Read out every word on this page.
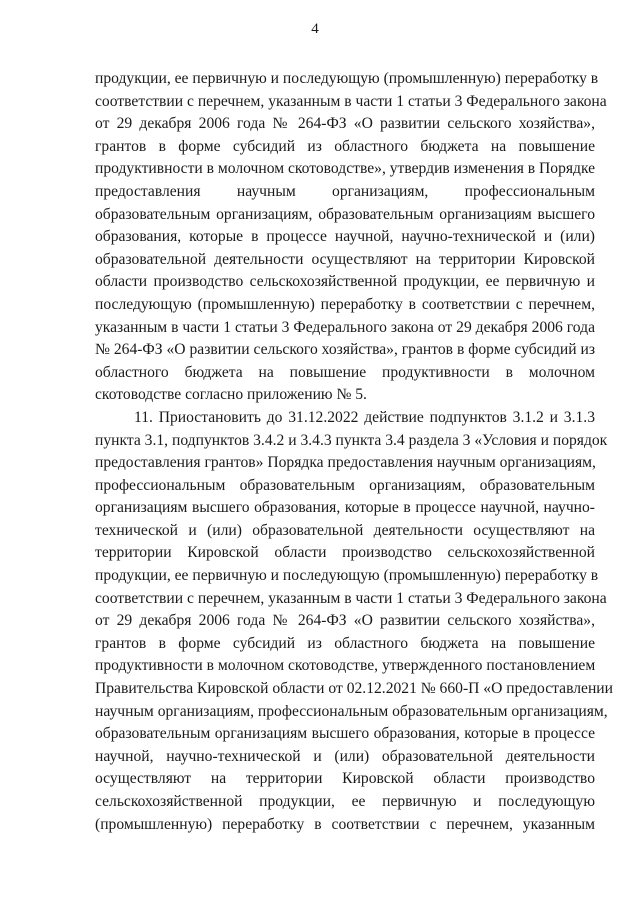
4
продукции, ее первичную и последующую (промышленную) переработку в
соответствии с перечнем, указанным в части 1 статьи 3 Федерального закона
от 29 декабря 2006 года № 264-ФЗ «О развитии сельского хозяйства»,
грантов в форме субсидий из областного бюджета на повышение
продуктивности в молочном скотоводстве», утвердив изменения в Порядке
предоставления научным организациям, профессиональным
образовательным организациям, образовательным организациям высшего
образования, которые в процессе научной, научно-технической и (или)
образовательной деятельности осуществляют на территории Кировской
области производство сельскохозяйственной продукции, ее первичную и
последующую (промышленную) переработку в соответствии с перечнем,
указанным в части 1 статьи 3 Федерального закона от 29 декабря 2006 года
№ 264-ФЗ «О развитии сельского хозяйства», грантов в форме субсидий из
областного бюджета на повышение продуктивности в молочном
скотоводстве согласно приложению № 5.
11. Приостановить до 31.12.2022 действие подпунктов 3.1.2 и 3.1.3
пункта 3.1, подпунктов 3.4.2 и 3.4.3 пункта 3.4 раздела 3 «Условия и порядок
предоставления грантов» Порядка предоставления научным организациям,
профессиональным образовательным организациям, образовательным
организациям высшего образования, которые в процессе научной, научно-
технической и (или) образовательной деятельности осуществляют на
территории Кировской области производство сельскохозяйственной
продукции, ее первичную и последующую (промышленную) переработку в
соответствии с перечнем, указанным в части 1 статьи 3 Федерального закона
от 29 декабря 2006 года № 264-ФЗ «О развитии сельского хозяйства»,
грантов в форме субсидий из областного бюджета на повышение
продуктивности в молочном скотоводстве, утвержденного постановлением
Правительства Кировской области от 02.12.2021 № 660-П «О предоставлении
научным организациям, профессиональным образовательным организациям,
образовательным организациям высшего образования, которые в процессе
научной, научно-технической и (или) образовательной деятельности
осуществляют на территории Кировской области производство
сельскохозяйственной продукции, ее первичную и последующую
(промышленную) переработку в соответствии с перечнем, указанным
